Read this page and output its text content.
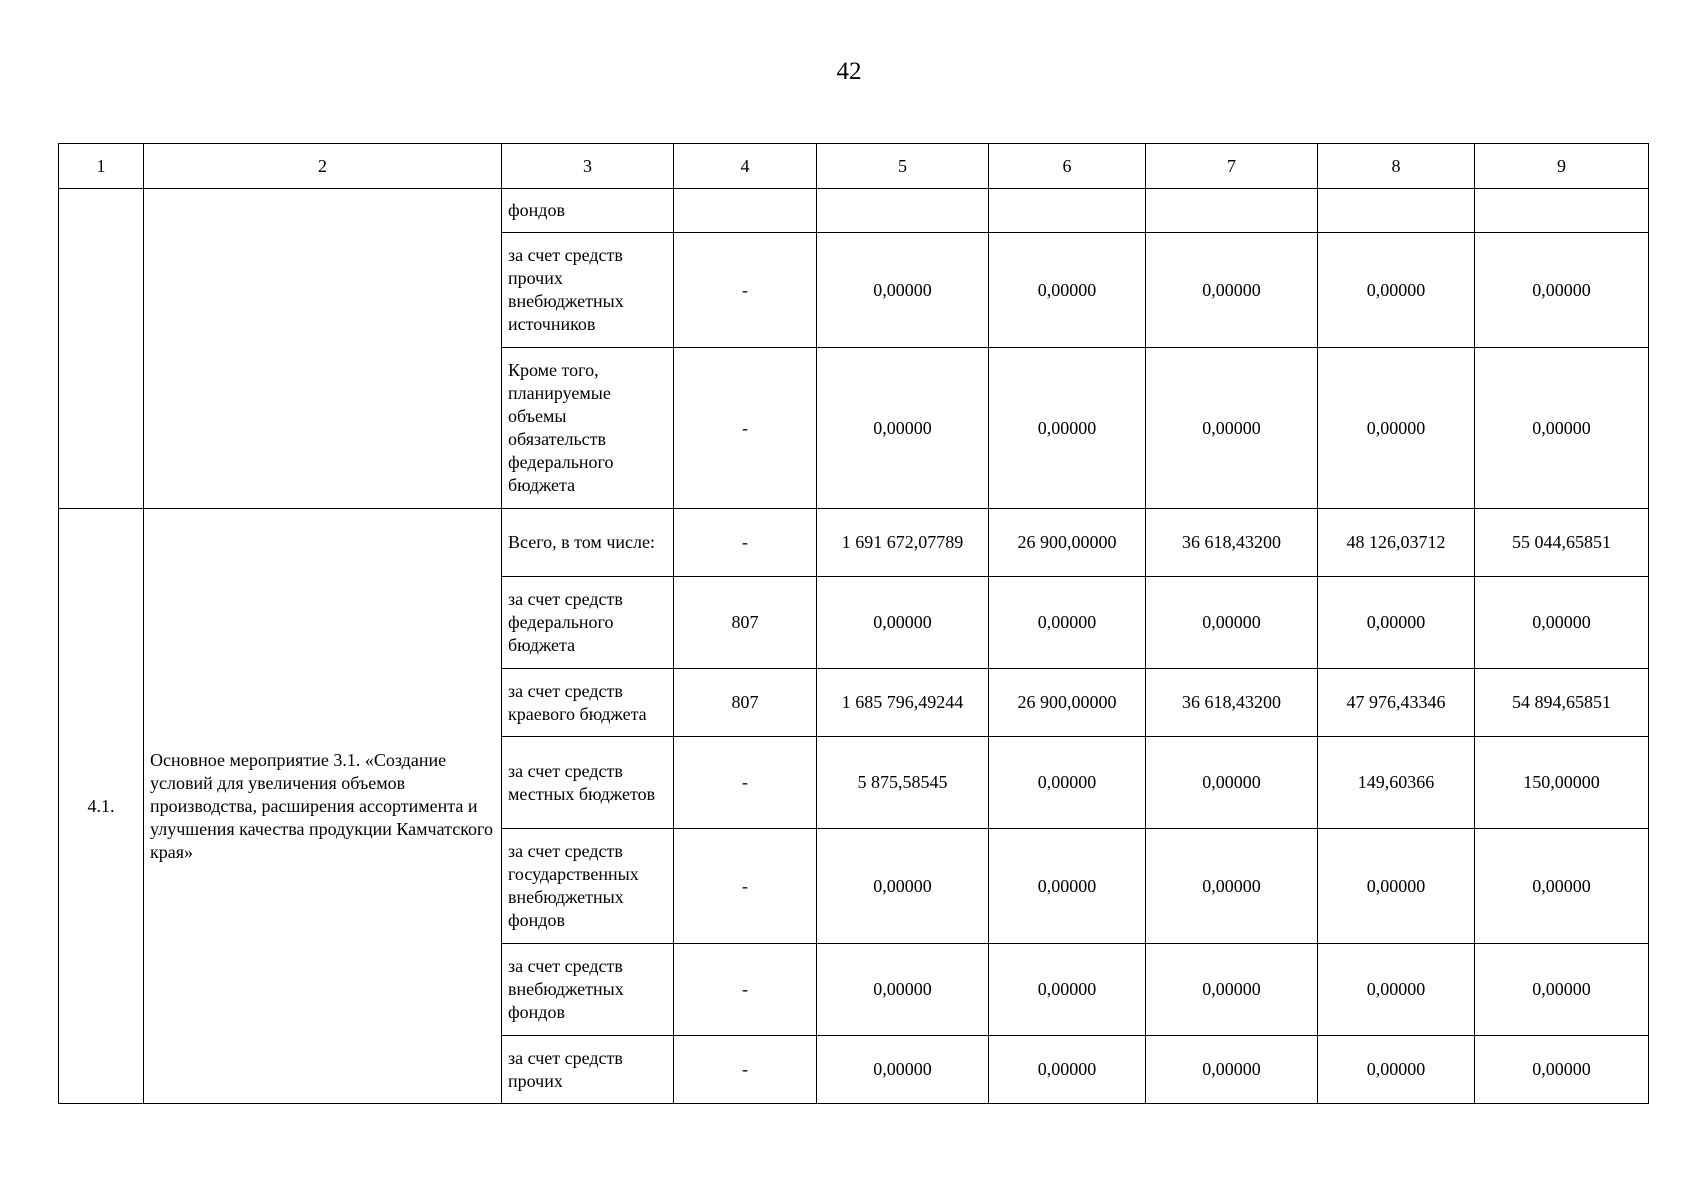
42
1	2	3	4	5	6	7	8	9
		фондов						
		за счет средств прочих внебюджетных источников	-	0,00000	0,00000	0,00000	0,00000	0,00000
		Кроме того, планируемые объемы обязательств федерального бюджета	-	0,00000	0,00000	0,00000	0,00000	0,00000
4.1.	Основное мероприятие 3.1. «Создание условий для увеличения объемов производства, расширения ассортимента и улучшения качества продукции Камчатского края»	Всего, в том числе:	-	1 691 672,07789	26 900,00000	36 618,43200	48 126,03712	55 044,65851
		за счет средств федерального бюджета	807	0,00000	0,00000	0,00000	0,00000	0,00000
		за счет средств краевого бюджета	807	1 685 796,49244	26 900,00000	36 618,43200	47 976,43346	54 894,65851
		за счет средств местных бюджетов	-	5 875,58545	0,00000	0,00000	149,60366	150,00000
		за счет средств государственных внебюджетных фондов	-	0,00000	0,00000	0,00000	0,00000	0,00000
		за счет средств внебюджетных фондов	-	0,00000	0,00000	0,00000	0,00000	0,00000
		за счет средств прочих	-	0,00000	0,00000	0,00000	0,00000	0,00000
